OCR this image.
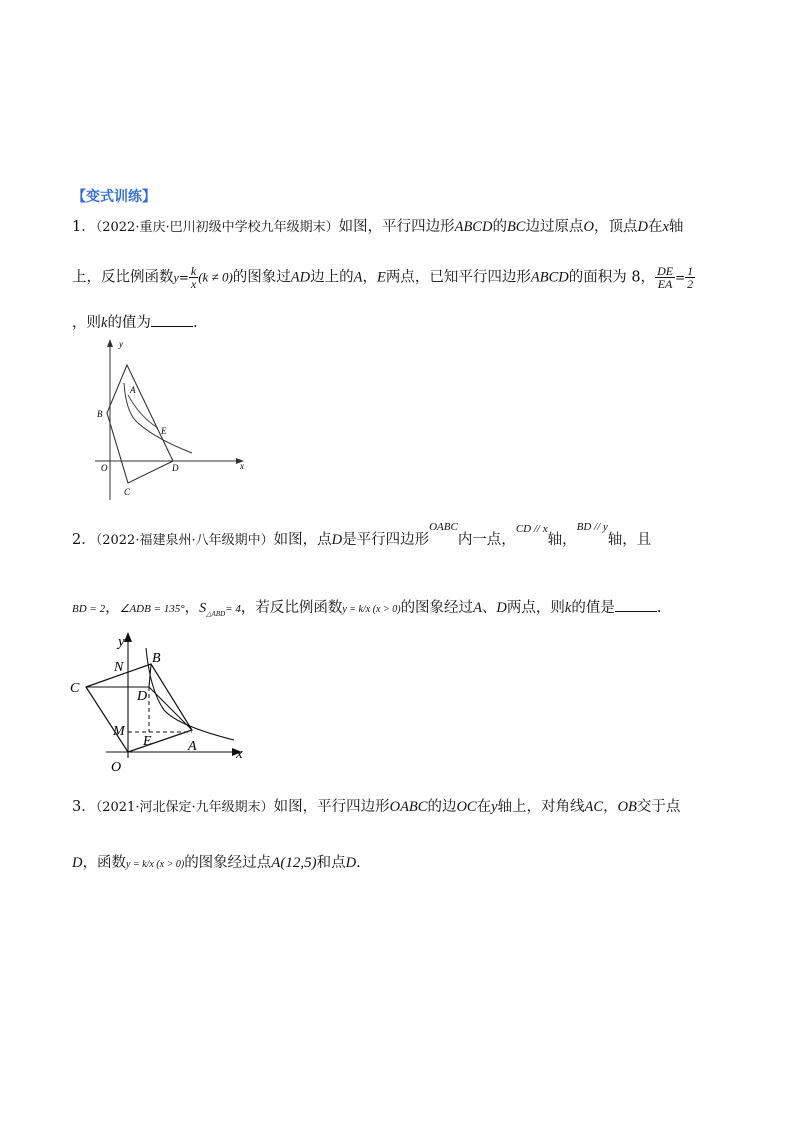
【变式训练】
1．（2022·重庆·巴川初级中学校九年级期末）如图，平行四边形ABCD的BC边过原点O，顶点D在x轴
上，反比例函数$y= \frac{k}{x} (k \ne 0)$的图象过AD边上的A，E两点，已知平行四边形ABCD的面积为 8， $\frac{DE}{EA} = \frac{1}{2}$
，则k的值为	.
y
A
B
E
O	D
C
x
2．（2022·福建泉州·八年级期中）如图，点D是平行四边形$^{OABC}$内一点，$^{CD // x}$轴，$^{BD // y}$轴，且
BD = 2，∠ADB = 135°，$S_{\triangle ABD}= 4$，若反比例函数y = k/x (x > 0)的图象经过A、D两点，则k的值是	.
y
N
B
C
D
M
E	A
O
x
3．（2021·河北保定·九年级期末）如图，平行四边形OABC的边OC在y轴上，对角线AC，OB交于点
D，函数y = k/x (x > 0)的图象经过点A(12,5)和点D.
